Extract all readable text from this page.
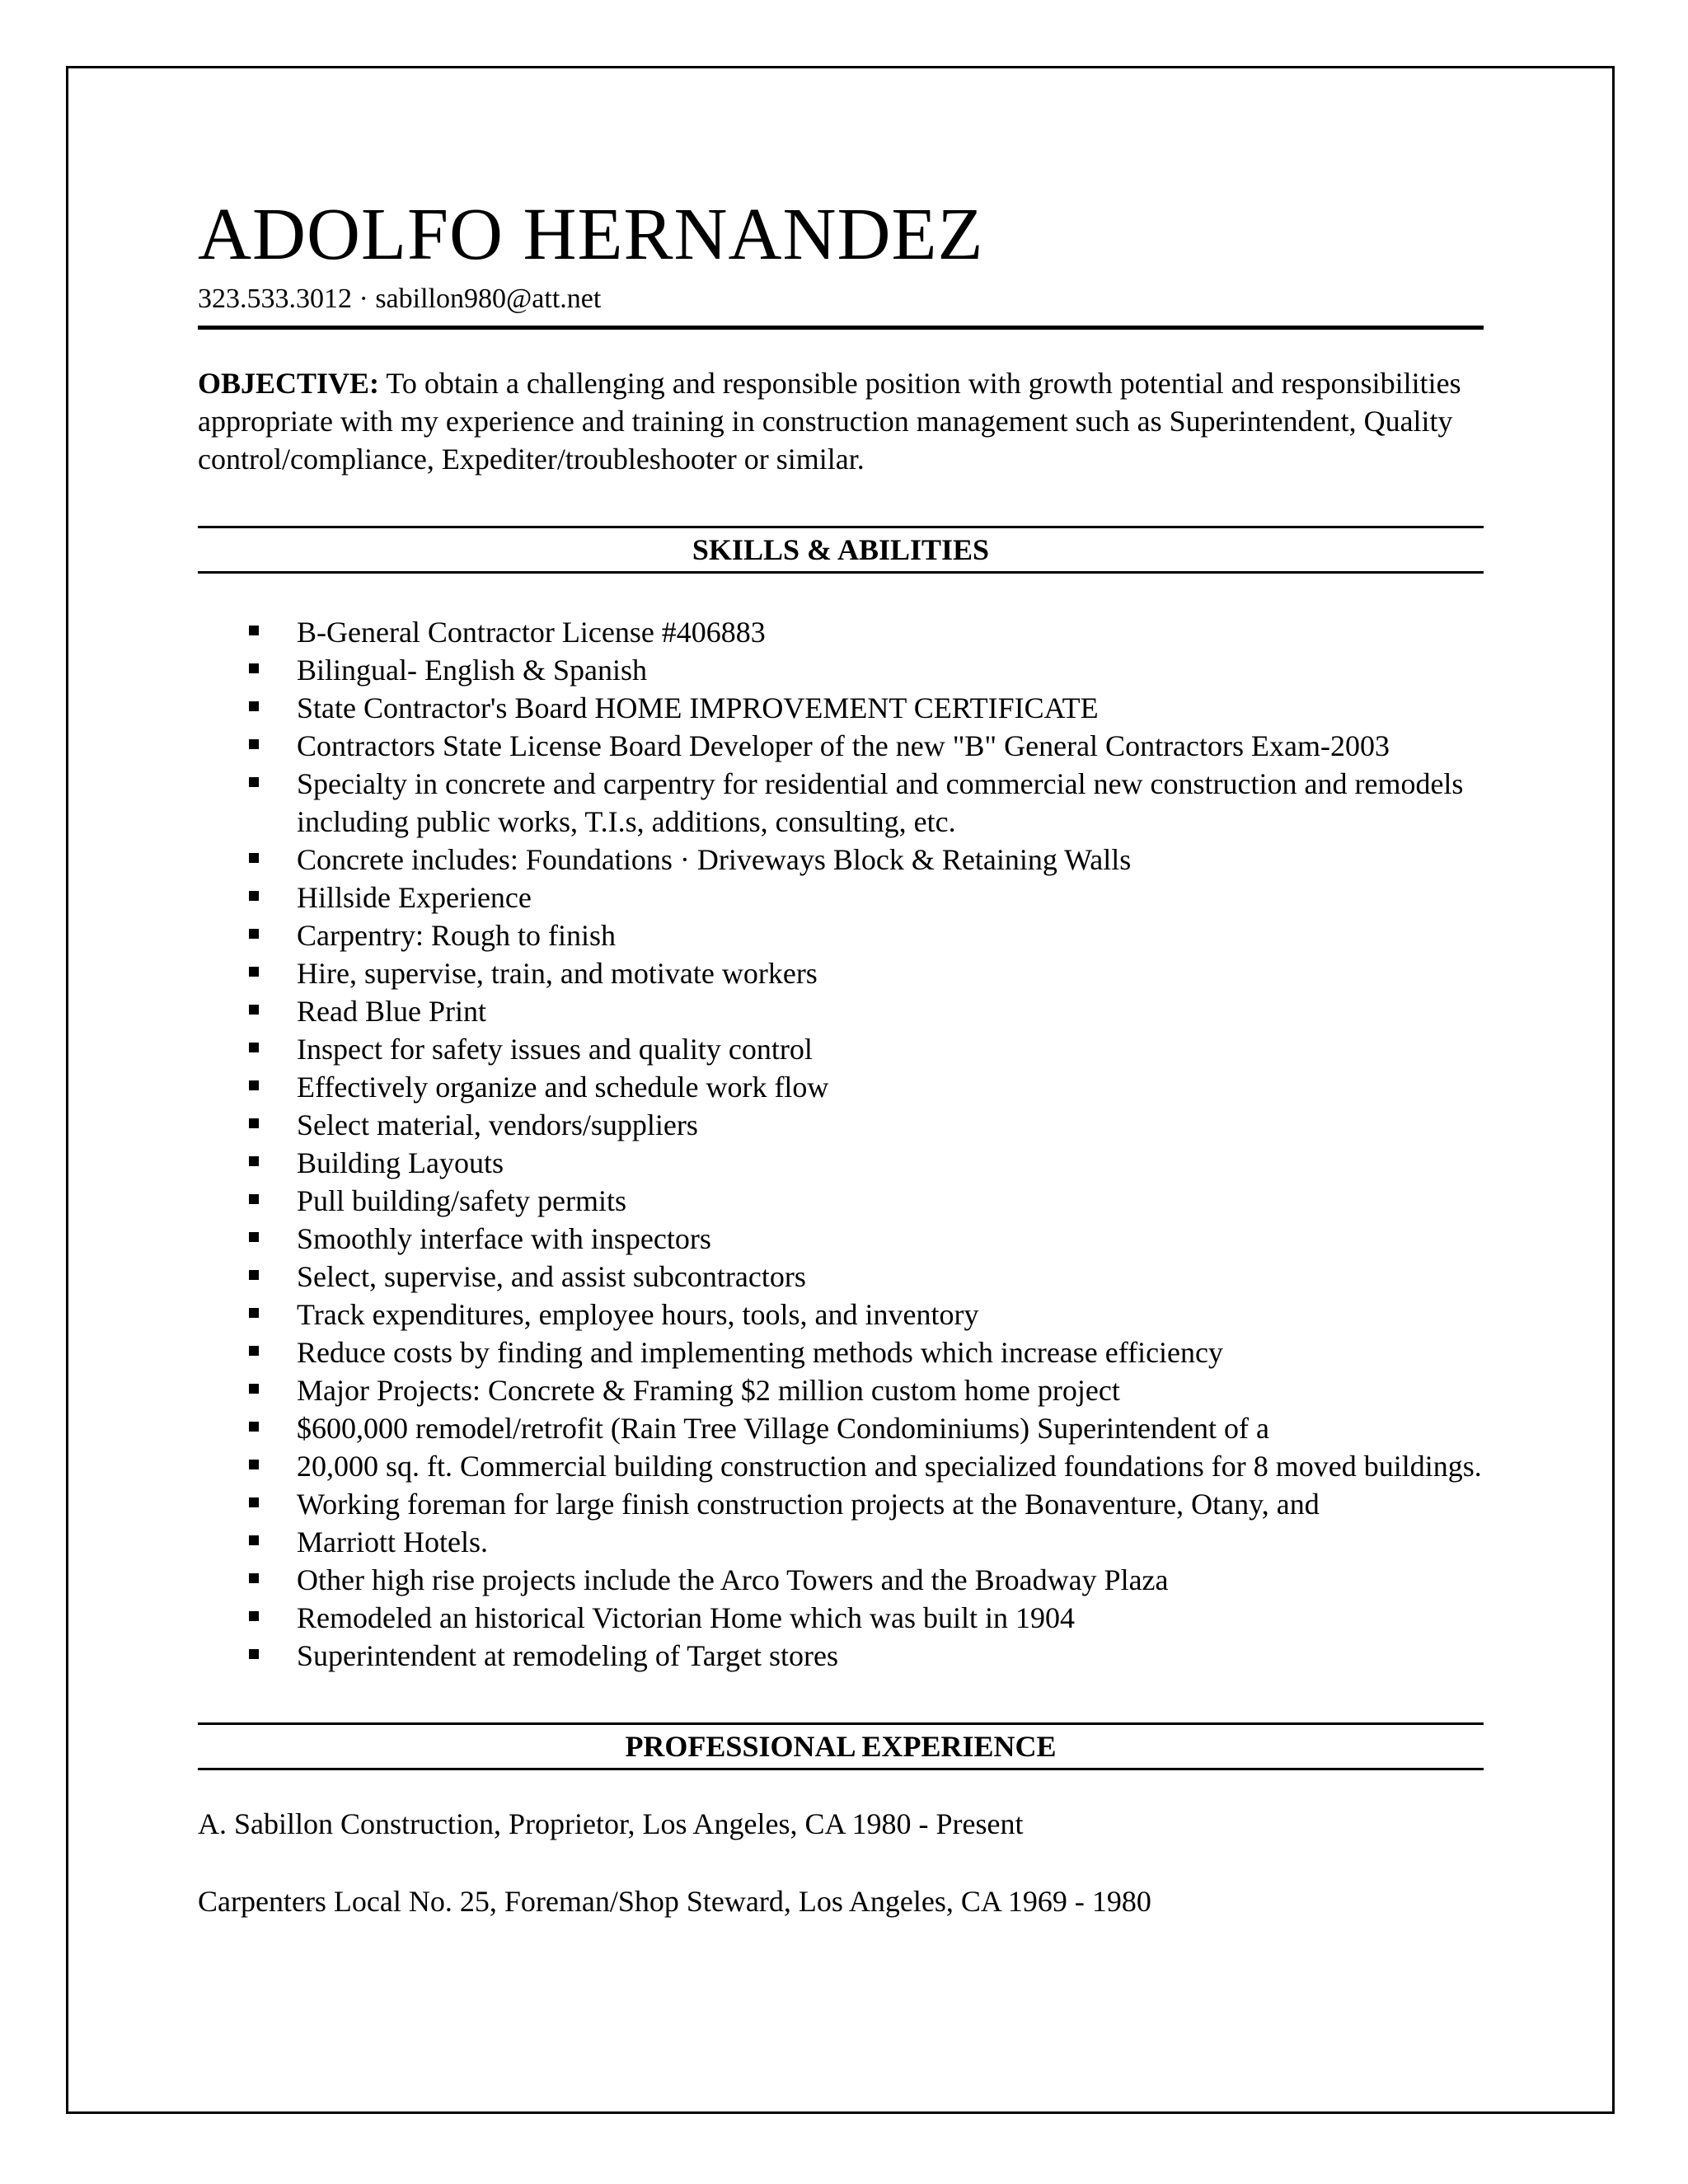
ADOLFO HERNANDEZ
323.533.3012 · sabillon980@att.net
OBJECTIVE: To obtain a challenging and responsible position with growth potential and responsibilities appropriate with my experience and training in construction management such as Superintendent, Quality control/compliance, Expediter/troubleshooter or similar.
SKILLS & ABILITIES
B-General Contractor License #406883
Bilingual- English & Spanish
State Contractor's Board HOME IMPROVEMENT CERTIFICATE
Contractors State License Board Developer of the new "B" General Contractors Exam-2003
Specialty in concrete and carpentry for residential and commercial new construction and remodels including public works, T.I.s, additions, consulting, etc.
Concrete includes: Foundations · Driveways Block & Retaining Walls
Hillside Experience
Carpentry: Rough to finish
Hire, supervise, train, and motivate workers
Read Blue Print
Inspect for safety issues and quality control
Effectively organize and schedule work flow
Select material, vendors/suppliers
Building Layouts
Pull building/safety permits
Smoothly interface with inspectors
Select, supervise, and assist subcontractors
Track expenditures, employee hours, tools, and inventory
Reduce costs by finding and implementing methods which increase efficiency
Major Projects: Concrete & Framing $2 million custom home project
$600,000 remodel/retrofit (Rain Tree Village Condominiums) Superintendent of a
20,000 sq. ft. Commercial building construction and specialized foundations for 8 moved buildings.
Working foreman for large finish construction projects at the Bonaventure, Otany, and
Marriott Hotels.
Other high rise projects include the Arco Towers and the Broadway Plaza
Remodeled an historical Victorian Home which was built in 1904
Superintendent at remodeling of Target stores
PROFESSIONAL EXPERIENCE
A. Sabillon Construction, Proprietor, Los Angeles, CA 1980 - Present
Carpenters Local No. 25, Foreman/Shop Steward, Los Angeles, CA 1969 - 1980
